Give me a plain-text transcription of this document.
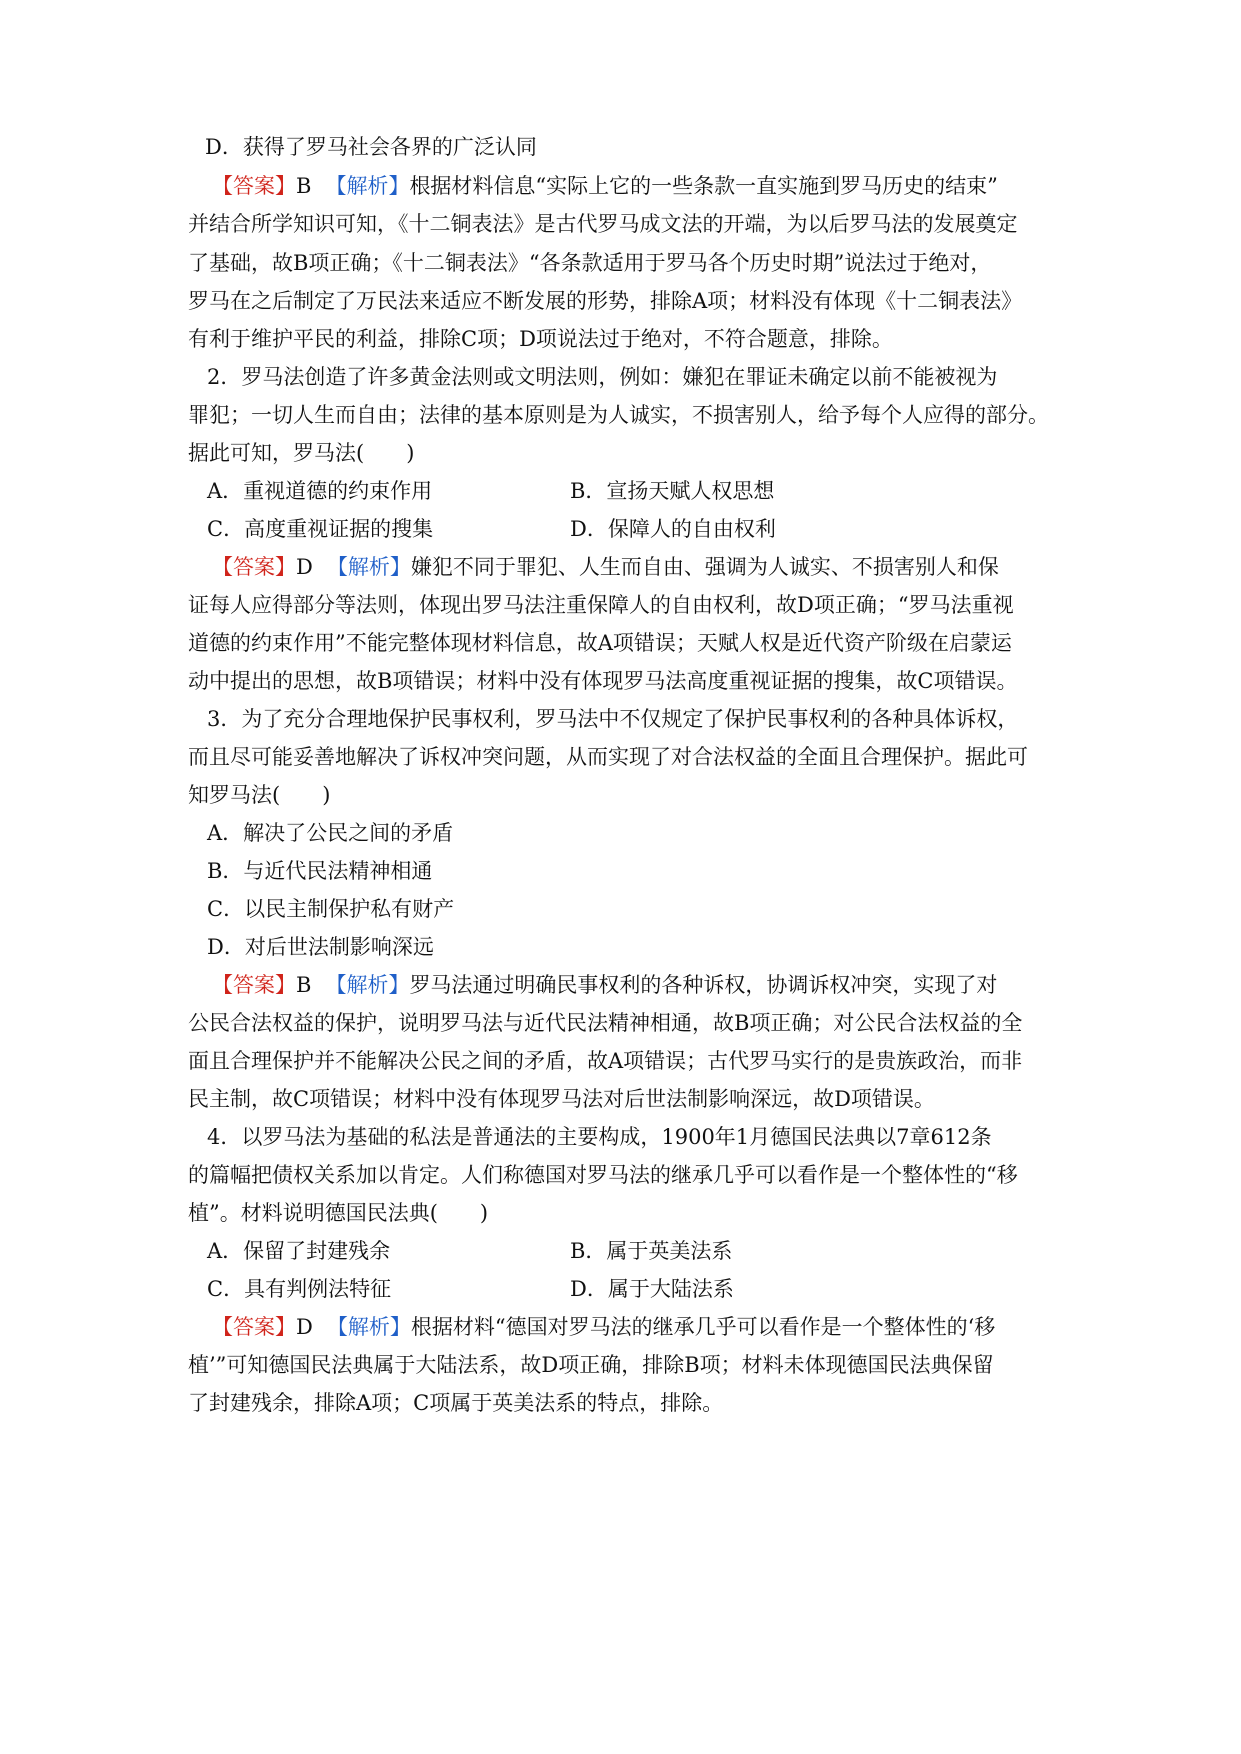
D．获得了罗马社会各界的广泛认同
【答案】B 【解析】根据材料信息“实际上它的一些条款一直实施到罗马历史的结束”
并结合所学知识可知，《十二铜表法》是古代罗马成文法的开端，为以后罗马法的发展奠定
了基础，故B项正确；《十二铜表法》“各条款适用于罗马各个历史时期”说法过于绝对，
罗马在之后制定了万民法来适应不断发展的形势，排除A项；材料没有体现《十二铜表法》
有利于维护平民的利益，排除C项；D项说法过于绝对，不符合题意，排除。
2．罗马法创造了许多黄金法则或文明法则，例如：嫌犯在罪证未确定以前不能被视为
罪犯；一切人生而自由；法律的基本原则是为人诚实，不损害别人，给予每个人应得的部分。
据此可知，罗马法(　　)
A．重视道德的约束作用	B．宣扬天赋人权思想
C．高度重视证据的搜集	D．保障人的自由权利
【答案】D 【解析】嫌犯不同于罪犯、人生而自由、强调为人诚实、不损害别人和保
证每人应得部分等法则，体现出罗马法注重保障人的自由权利，故D项正确；“罗马法重视
道德的约束作用”不能完整体现材料信息，故A项错误；天赋人权是近代资产阶级在启蒙运
动中提出的思想，故B项错误；材料中没有体现罗马法高度重视证据的搜集，故C项错误。
3．为了充分合理地保护民事权利，罗马法中不仅规定了保护民事权利的各种具体诉权，
而且尽可能妥善地解决了诉权冲突问题，从而实现了对合法权益的全面且合理保护。据此可
知罗马法(　　)
A．解决了公民之间的矛盾
B．与近代民法精神相通
C．以民主制保护私有财产
D．对后世法制影响深远
【答案】B 【解析】罗马法通过明确民事权利的各种诉权，协调诉权冲突，实现了对
公民合法权益的保护，说明罗马法与近代民法精神相通，故B项正确；对公民合法权益的全
面且合理保护并不能解决公民之间的矛盾，故A项错误；古代罗马实行的是贵族政治，而非
民主制，故C项错误；材料中没有体现罗马法对后世法制影响深远，故D项错误。
4．以罗马法为基础的私法是普通法的主要构成，1900年1月德国民法典以7章612条
的篇幅把债权关系加以肯定。人们称德国对罗马法的继承几乎可以看作是一个整体性的“移
植”。材料说明德国民法典(　　)
A．保留了封建残余	B．属于英美法系
C．具有判例法特征	D．属于大陆法系
【答案】D 【解析】根据材料“德国对罗马法的继承几乎可以看作是一个整体性的‘移
植’”可知德国民法典属于大陆法系，故D项正确，排除B项；材料未体现德国民法典保留
了封建残余，排除A项；C项属于英美法系的特点，排除。
